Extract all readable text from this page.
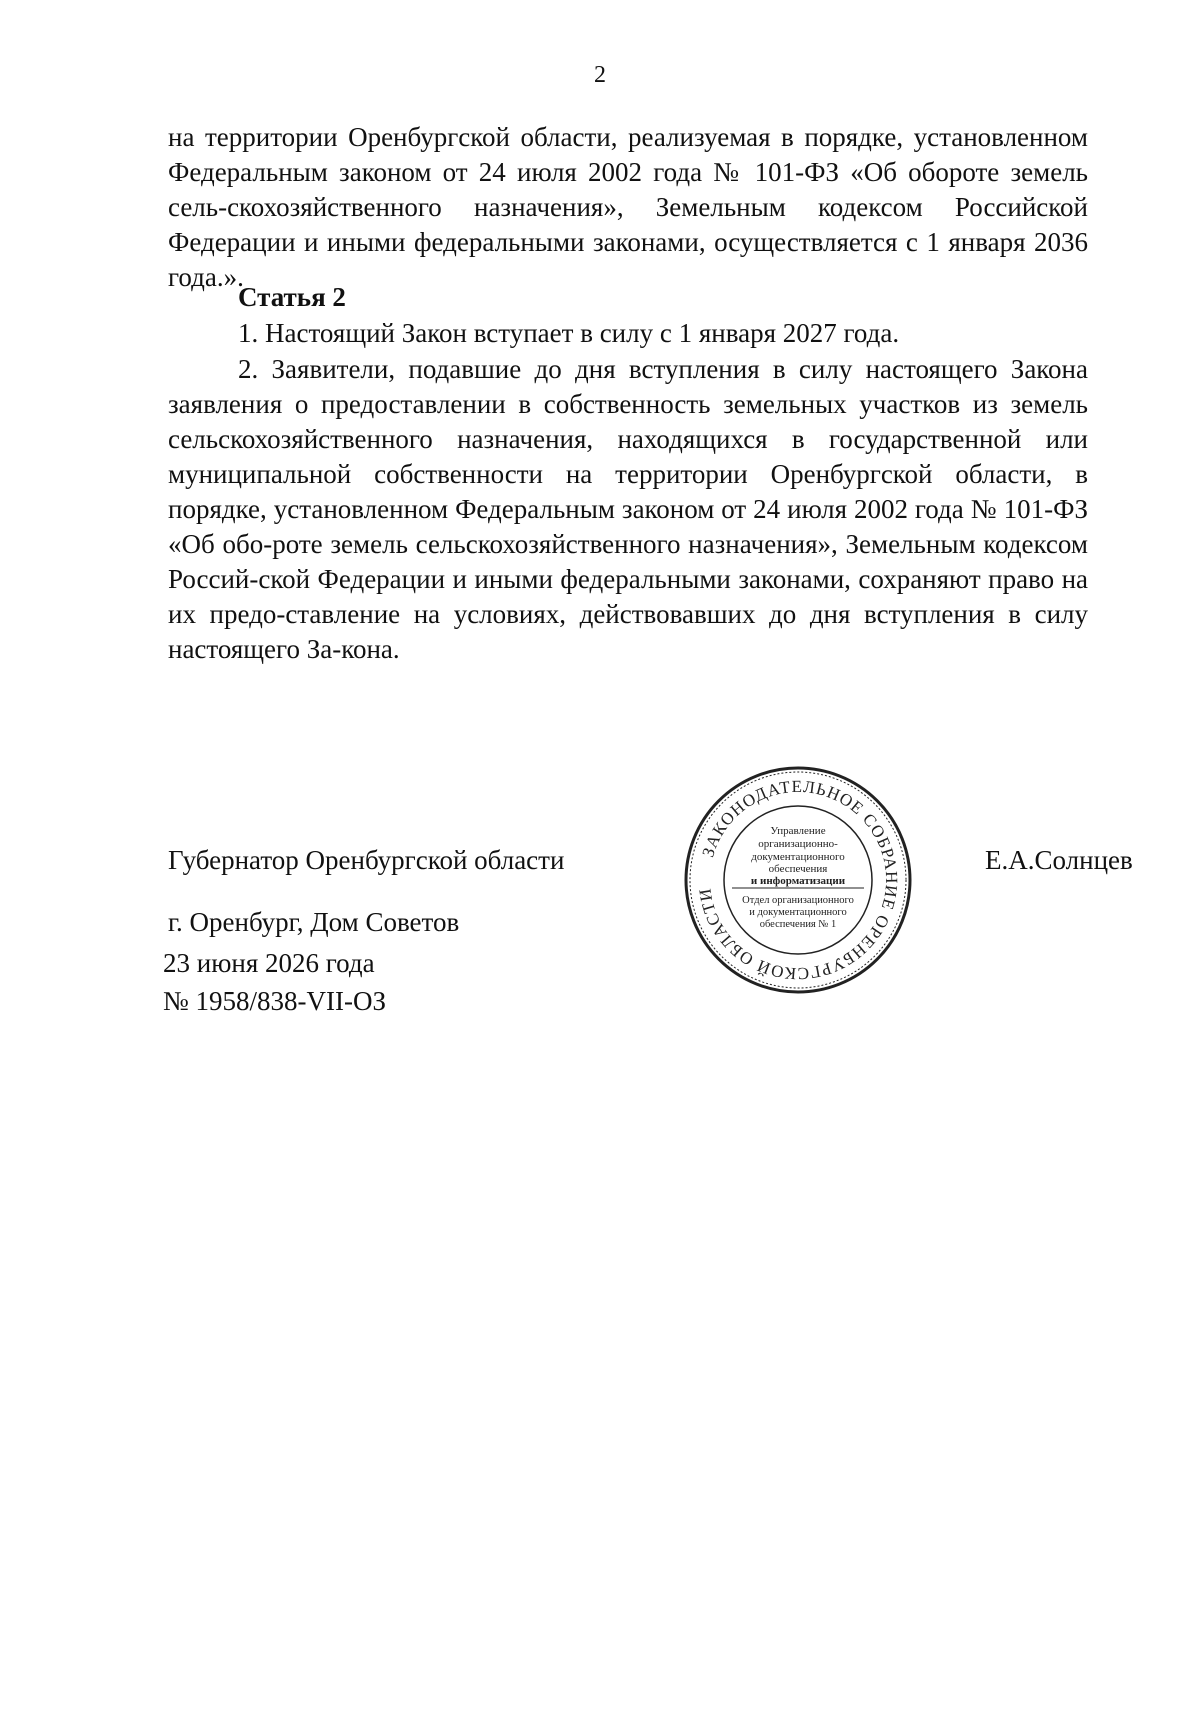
2

на территории Оренбургской области, реализуемая в порядке, установленном Федеральным законом от 24 июля 2002 года № 101-ФЗ «Об обороте земель сель-скохозяйственного назначения», Земельным кодексом Российской Федерации и иными федеральными законами, осуществляется с 1 января 2036 года.».

Статья 2

1. Настоящий Закон вступает в силу с 1 января 2027 года.

2. Заявители, подавшие до дня вступления в силу настоящего Закона заявления о предоставлении в собственность земельных участков из земель сельскохозяйственного назначения, находящихся в государственной или муниципальной собственности на территории Оренбургской области, в порядке, установленном Федеральным законом от 24 июля 2002 года № 101-ФЗ «Об обо-роте земель сельскохозяйственного назначения», Земельным кодексом Россий-ской Федерации и иными федеральными законами, сохраняют право на их предо-ставление на условиях, действовавших до дня вступления в силу настоящего За-кона.

Губернатор Оренбургской области	ЗАКОНОДАТЕЛЬНОЕ СОБРАНИЕ ОРЕНБУРГСКОЙ ОБЛАСТИ
Управление
организационно-
документационного
обеспечения
и информатизации
Отдел организационного
и документационного
обеспечения № 1
Е.А.Солнцев
г. Оренбург, Дом Советов
23 июня 2026 года
№ 1958/838-VII-ОЗ
